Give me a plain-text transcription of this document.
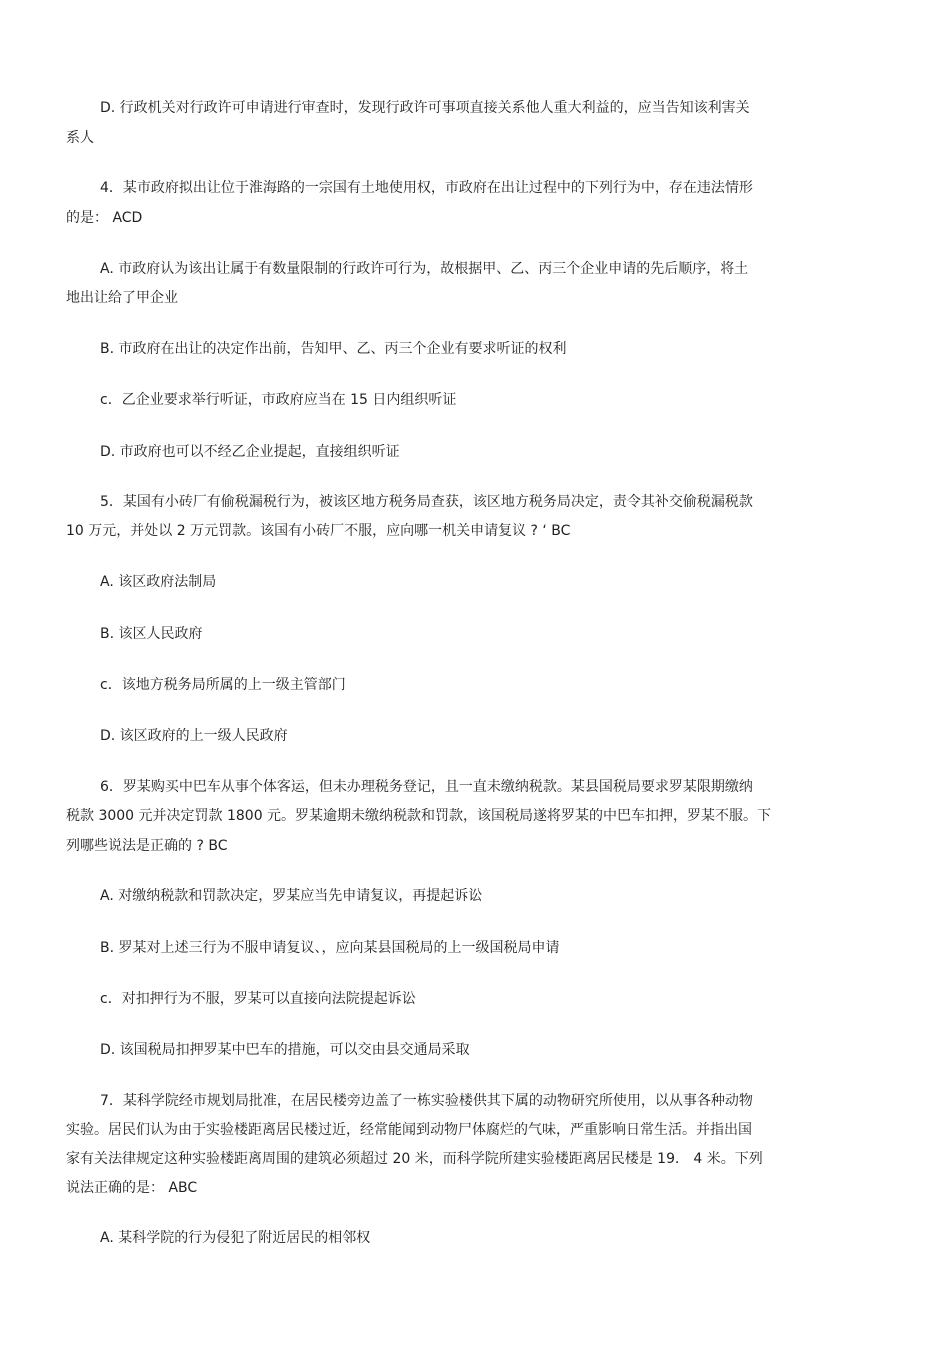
D. 行政机关对行政许可申请进行审查时，发现行政许可事项直接关系他人重大利益的，应当告知该利害关
系人
4．某市政府拟出让位于淮海路的一宗国有土地使用权，市政府在出让过程中的下列行为中，存在违法情形
的是： ACD
A. 市政府认为该出让属于有数量限制的行政许可行为，故根据甲、乙、丙三个企业申请的先后顺序，将土
地出让给了甲企业
B. 市政府在出让的决定作出前，告知甲、乙、丙三个企业有要求听证的权利
c．乙企业要求举行听证，市政府应当在 15 日内组织听证
D. 市政府也可以不经乙企业提起，直接组织听证
5．某国有小砖厂有偷税漏税行为，被该区地方税务局查获，该区地方税务局决定，责令其补交偷税漏税款
10 万元，并处以 2 万元罚款。该国有小砖厂不服，应向哪一机关申请复议 ? ‘ BC
A. 该区政府法制局
B. 该区人民政府
c．该地方税务局所属的上一级主管部门
D. 该区政府的上一级人民政府
6．罗某购买中巴车从事个体客运，但未办理税务登记，且一直未缴纳税款。某县国税局要求罗某限期缴纳
税款 3000 元并决定罚款 1800 元。罗某逾期未缴纳税款和罚款，该国税局遂将罗某的中巴车扣押，罗某不服。下
列哪些说法是正确的 ? BC
A. 对缴纳税款和罚款决定，罗某应当先申请复议，再提起诉讼
B. 罗某对上述三行为不服申请复议、，应向某县国税局的上一级国税局申请
c．对扣押行为不服，罗某可以直接向法院提起诉讼
D. 该国税局扣押罗某中巴车的措施，可以交由县交通局采取
7．某科学院经市规划局批准，在居民楼旁边盖了一栋实验楼供其下属的动物研究所使用，以从事各种动物
实验。居民们认为由于实验楼距离居民楼过近，经常能闻到动物尸体腐烂的气味，严重影响日常生活。并指出国
家有关法律规定这种实验楼距离周围的建筑必须超过 20 米，而科学院所建实验楼距离居民楼是 19． 4 米。下列
说法正确的是： ABC
A. 某科学院的行为侵犯了附近居民的相邻权
